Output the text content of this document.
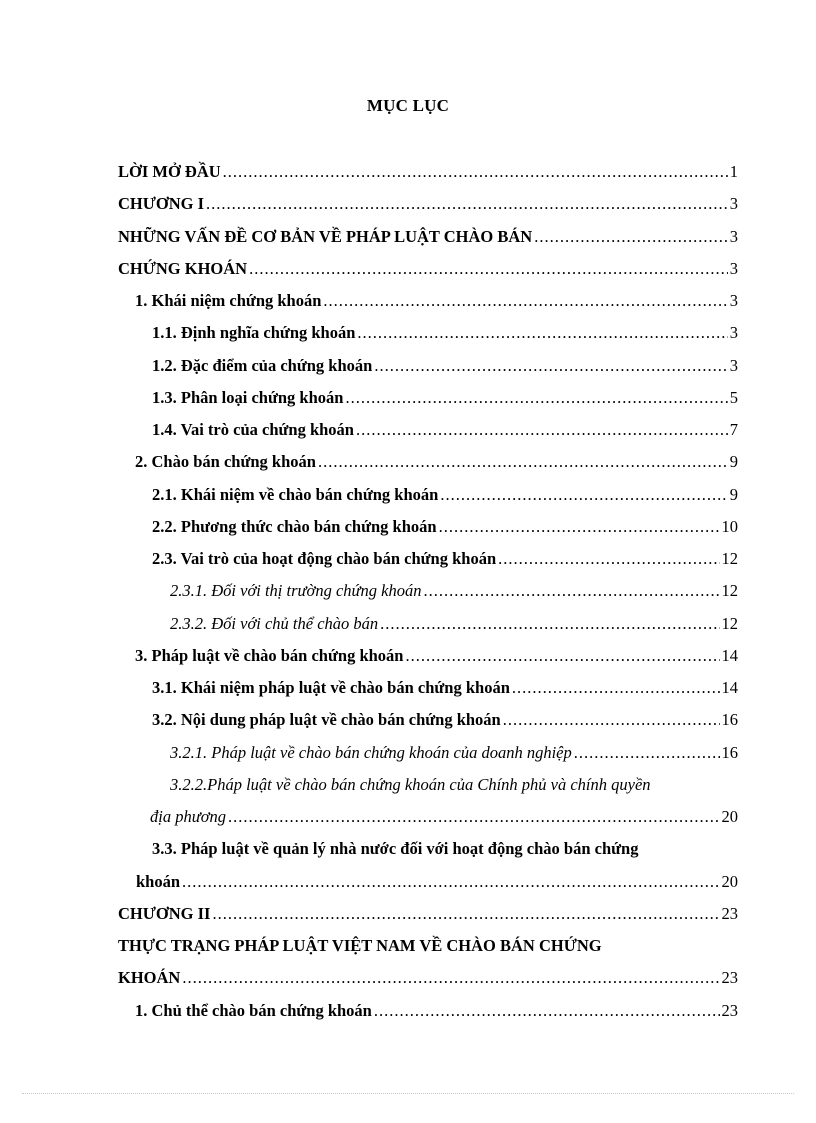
MỤC LỤC
LỜI MỞ ĐẦU .....	1
CHƯƠNG I .....	3
NHỮNG VẤN ĐỀ CƠ BẢN VỀ PHÁP LUẬT CHÀO BÁN .....	3
CHỨNG KHOÁN .....	3
1. Khái niệm chứng khoán .....	3
1.1. Định nghĩa chứng khoán .....	3
1.2. Đặc điểm của chứng khoán .....	3
1.3. Phân loại chứng khoán .....	5
1.4. Vai trò của chứng khoán .....	7
2. Chào bán chứng khoán .....	9
2.1. Khái niệm về chào bán chứng khoán .....	9
2.2. Phương thức chào bán chứng khoán .....	10
2.3. Vai trò của hoạt động chào bán chứng khoán .....	12
2.3.1. Đối với thị trường chứng khoán .....	12
2.3.2. Đối với chủ thể chào bán .....	12
3. Pháp luật về chào bán chứng khoán .....	14
3.1. Khái niệm pháp luật về chào bán chứng khoán .....	14
3.2. Nội dung pháp luật về chào bán chứng khoán .....	16
3.2.1. Pháp luật về chào bán chứng khoán của doanh nghiệp .....	16
3.2.2.Pháp luật về chào bán chứng khoán của Chính phủ và chính quyền
địa phương .....	20
3.3. Pháp luật về quản lý nhà nước đối với hoạt động chào bán chứng
khoán .....	20
CHƯƠNG II .....	23
THỰC TRẠNG PHÁP LUẬT VIỆT NAM VỀ CHÀO BÁN CHỨNG
KHOÁN .....	23
1. Chủ thể chào bán chứng khoán .....	23
